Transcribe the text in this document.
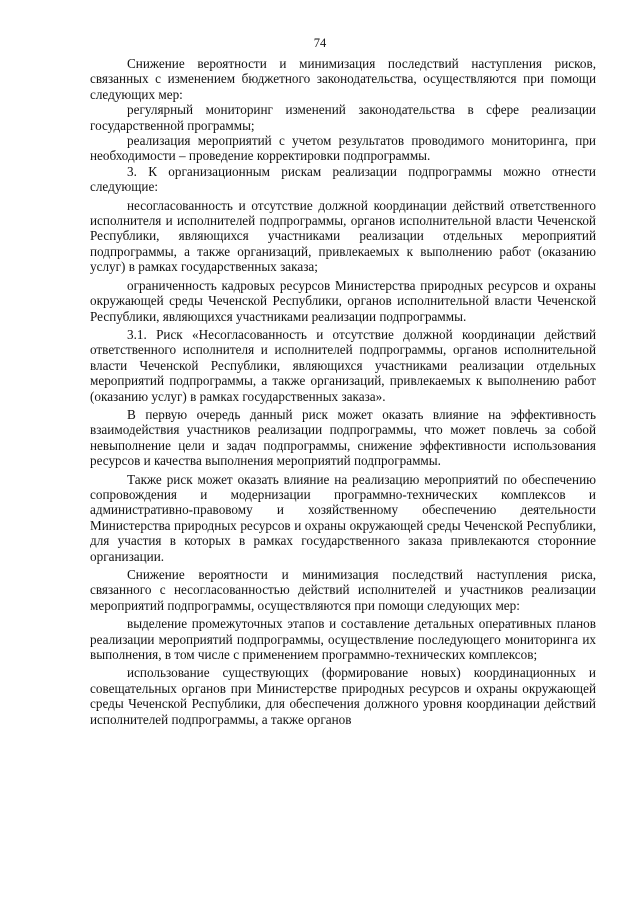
74

Снижение вероятности и минимизация последствий наступления рисков, связанных с изменением бюджетного законодательства, осуществляются при помощи следующих мер:

регулярный мониторинг изменений законодательства в сфере реализации государственной программы;

реализация мероприятий с учетом результатов проводимого мониторинга, при необходимости – проведение корректировки подпрограммы.

3. К организационным рискам реализации подпрограммы можно отнести следующие:

несогласованность и отсутствие должной координации действий ответственного исполнителя и исполнителей подпрограммы, органов исполнительной власти Чеченской Республики, являющихся участниками реализации отдельных мероприятий подпрограммы, а также организаций, привлекаемых к выполнению работ (оказанию услуг) в рамках государственных заказа;

ограниченность кадровых ресурсов Министерства природных ресурсов и охраны окружающей среды Чеченской Республики, органов исполнительной власти Чеченской Республики, являющихся участниками реализации подпрограммы.

3.1. Риск «Несогласованность и отсутствие должной координации действий ответственного исполнителя и исполнителей подпрограммы, органов исполнительной власти Чеченской Республики, являющихся участниками реализации отдельных мероприятий подпрограммы, а также организаций, привлекаемых к выполнению работ (оказанию услуг) в рамках государственных заказа».

В первую очередь данный риск может оказать влияние на эффективность взаимодействия участников реализации подпрограммы, что может повлечь за собой невыполнение цели и задач подпрограммы, снижение эффективности использования ресурсов и качества выполнения мероприятий подпрограммы.

Также риск может оказать влияние на реализацию мероприятий по обеспечению сопровождения и модернизации программно-технических комплексов и административно-правовому и хозяйственному обеспечению деятельности Министерства природных ресурсов и охраны окружающей среды Чеченской Республики, для участия в которых в рамках государственного заказа привлекаются сторонние организации.

Снижение вероятности и минимизация последствий наступления риска, связанного с несогласованностью действий исполнителей и участников реализации мероприятий подпрограммы, осуществляются при помощи следующих мер:

выделение промежуточных этапов и составление детальных оперативных планов реализации мероприятий подпрограммы, осуществление последующего мониторинга их выполнения, в том числе с применением программно-технических комплексов;

использование существующих (формирование новых) координационных и совещательных органов при Министерстве природных ресурсов и охраны окружающей среды Чеченской Республики, для обеспечения должного уровня координации действий исполнителей подпрограммы, а также органов
